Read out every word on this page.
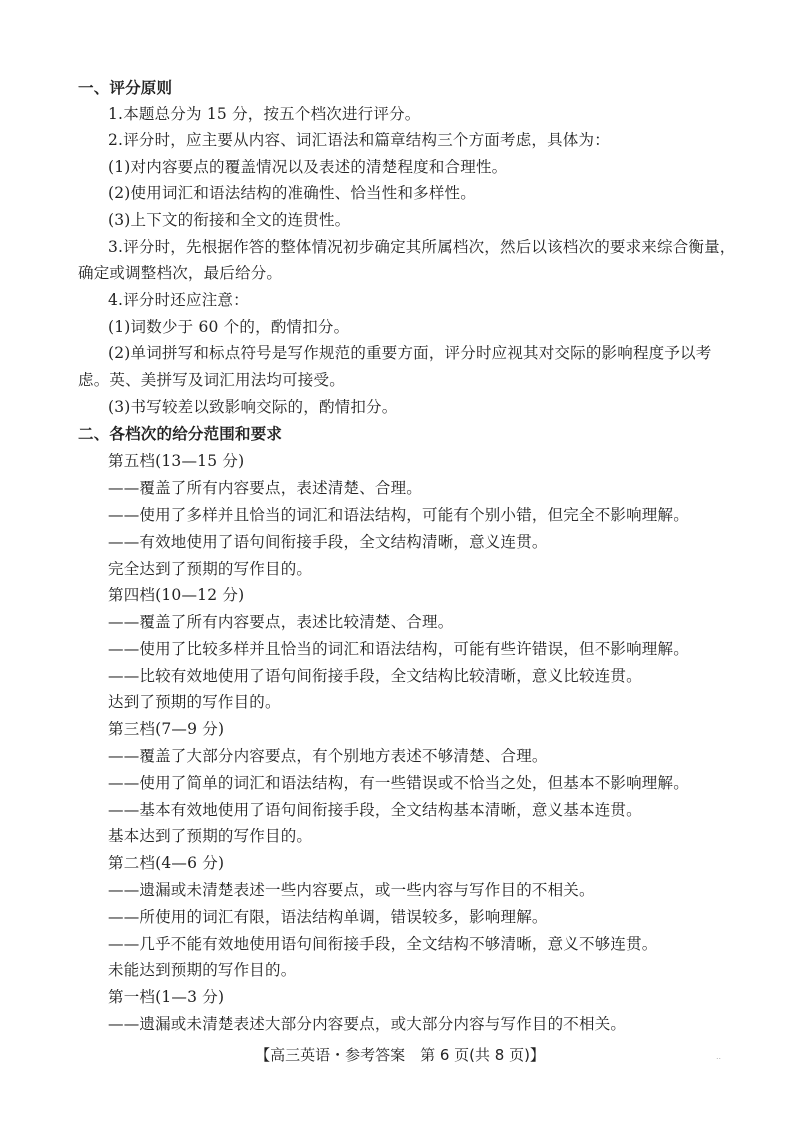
一、评分原则
1.本题总分为 15 分，按五个档次进行评分。
2.评分时，应主要从内容、词汇语法和篇章结构三个方面考虑，具体为：
(1)对内容要点的覆盖情况以及表述的清楚程度和合理性。
(2)使用词汇和语法结构的准确性、恰当性和多样性。
(3)上下文的衔接和全文的连贯性。
3.评分时，先根据作答的整体情况初步确定其所属档次，然后以该档次的要求来综合衡量，
确定或调整档次，最后给分。
4.评分时还应注意：
(1)词数少于 60 个的，酌情扣分。
(2)单词拼写和标点符号是写作规范的重要方面，评分时应视其对交际的影响程度予以考
虑。英、美拼写及词汇用法均可接受。
(3)书写较差以致影响交际的，酌情扣分。
二、各档次的给分范围和要求
第五档(13—15 分)
——覆盖了所有内容要点，表述清楚、合理。
——使用了多样并且恰当的词汇和语法结构，可能有个别小错，但完全不影响理解。
——有效地使用了语句间衔接手段，全文结构清晰，意义连贯。
完全达到了预期的写作目的。
第四档(10—12 分)
——覆盖了所有内容要点，表述比较清楚、合理。
——使用了比较多样并且恰当的词汇和语法结构，可能有些许错误，但不影响理解。
——比较有效地使用了语句间衔接手段，全文结构比较清晰，意义比较连贯。
达到了预期的写作目的。
第三档(7—9 分)
——覆盖了大部分内容要点，有个别地方表述不够清楚、合理。
——使用了简单的词汇和语法结构，有一些错误或不恰当之处，但基本不影响理解。
——基本有效地使用了语句间衔接手段，全文结构基本清晰，意义基本连贯。
基本达到了预期的写作目的。
第二档(4—6 分)
——遗漏或未清楚表述一些内容要点，或一些内容与写作目的不相关。
——所使用的词汇有限，语法结构单调，错误较多，影响理解。
——几乎不能有效地使用语句间衔接手段，全文结构不够清晰，意义不够连贯。
未能达到预期的写作目的。
第一档(1—3 分)
——遗漏或未清楚表述大部分内容要点，或大部分内容与写作目的不相关。
【高三英语・参考答案　第 6 页(共 8 页)】	..
